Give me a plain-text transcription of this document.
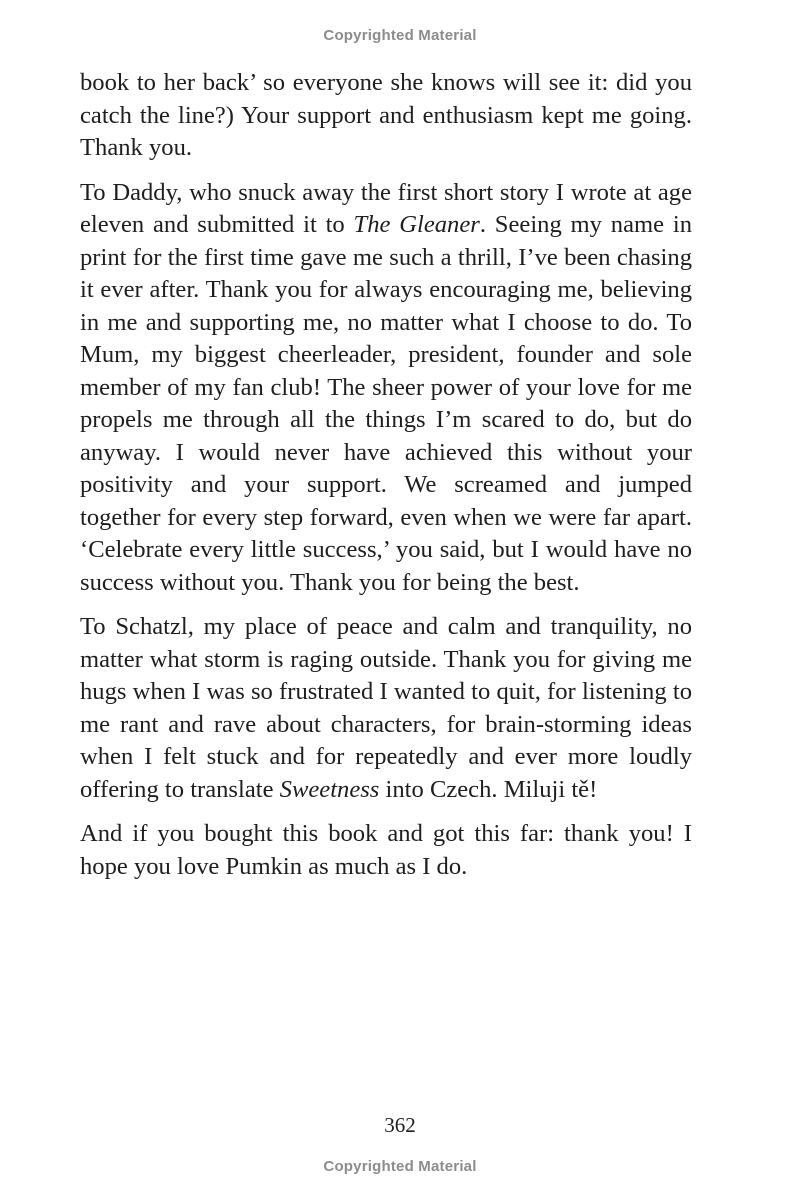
Copyrighted Material

book to her back’ so everyone she knows will see it: did you catch the line?) Your support and enthusiasm kept me going. Thank you.

To Daddy, who snuck away the first short story I wrote at age eleven and submitted it to The Gleaner. Seeing my name in print for the first time gave me such a thrill, I’ve been chasing it ever after. Thank you for always encouraging me, believing in me and supporting me, no matter what I choose to do. To Mum, my biggest cheerleader, president, founder and sole member of my fan club! The sheer power of your love for me propels me through all the things I’m scared to do, but do anyway. I would never have achieved this without your positivity and your support. We screamed and jumped together for every step forward, even when we were far apart. ‘Celebrate every little success,’ you said, but I would have no success without you. Thank you for being the best.

To Schatzl, my place of peace and calm and tranquility, no matter what storm is raging outside. Thank you for giving me hugs when I was so frustrated I wanted to quit, for listening to me rant and rave about characters, for brain-storming ideas when I felt stuck and for repeatedly and ever more loudly offering to translate Sweetness into Czech. Miluji tě!

And if you bought this book and got this far: thank you! I hope you love Pumkin as much as I do.

362
Copyrighted Material
